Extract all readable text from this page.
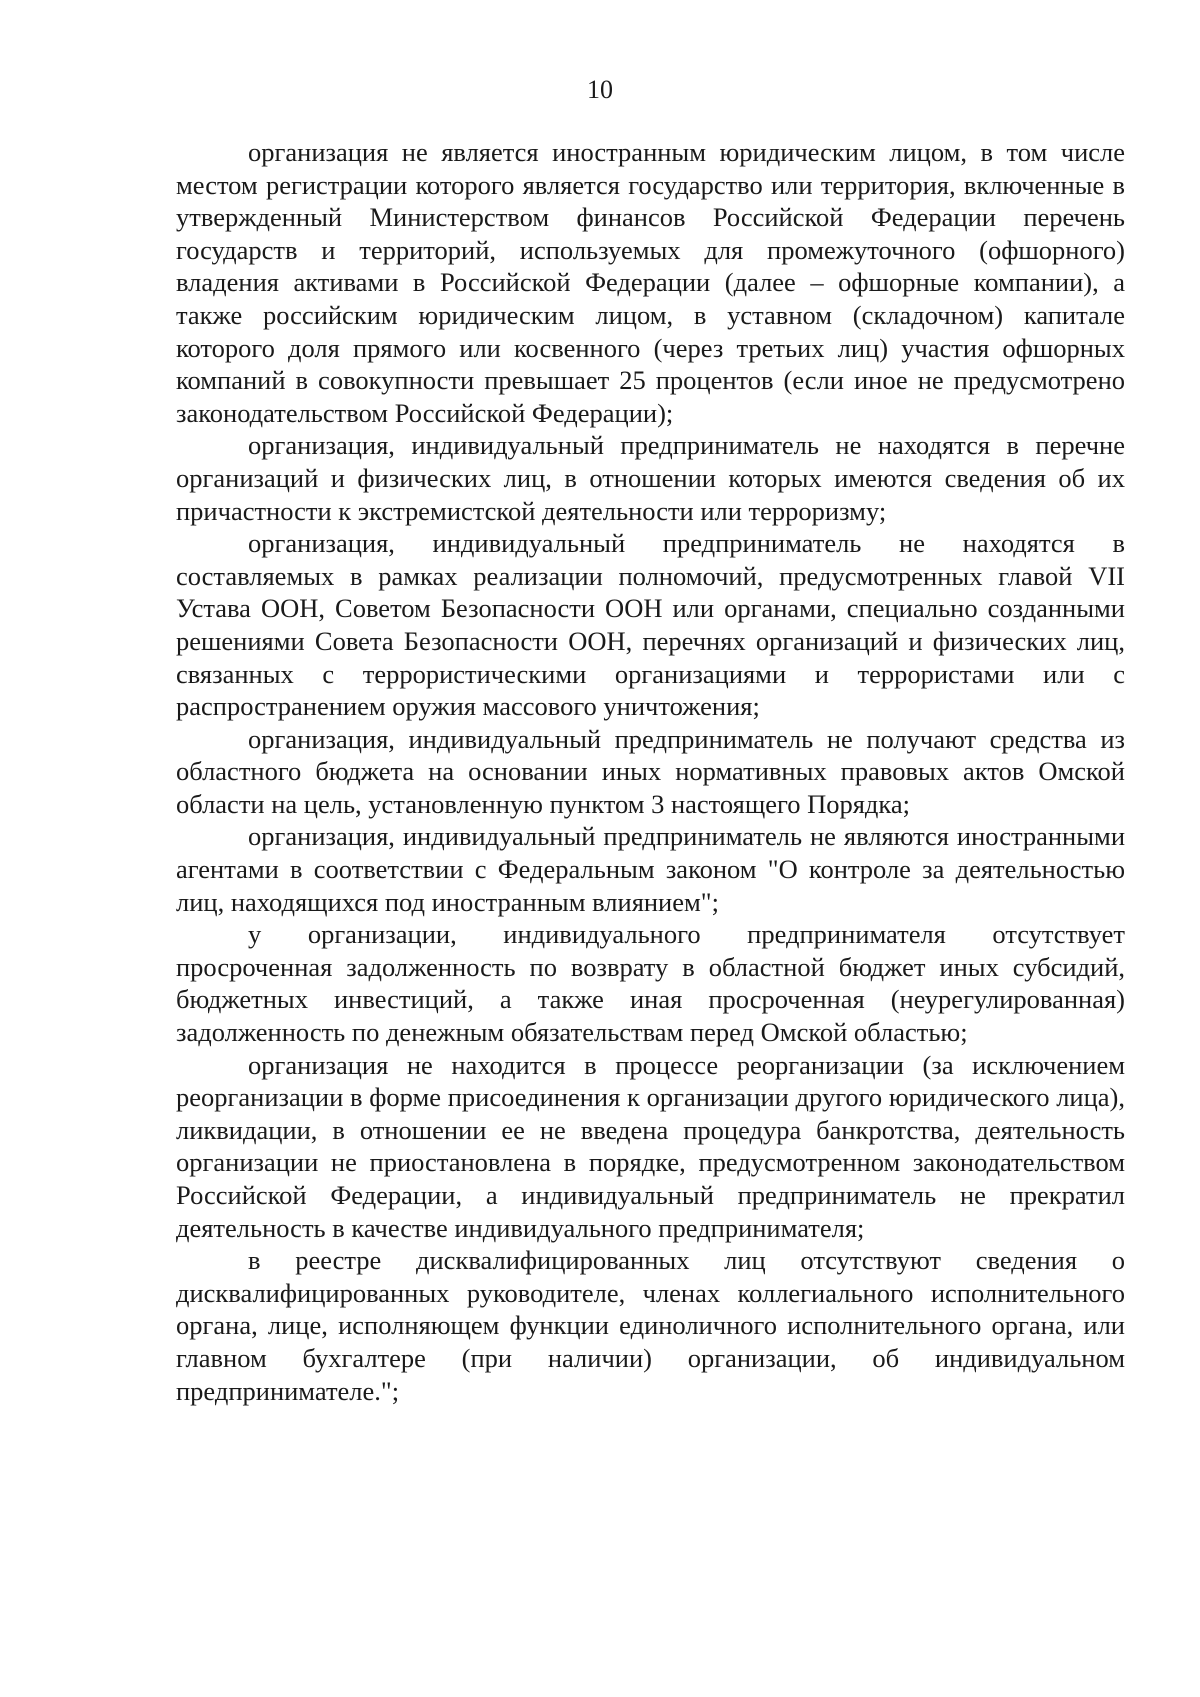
10

организация не является иностранным юридическим лицом, в том числе местом регистрации которого является государство или территория, включенные в утвержденный Министерством финансов Российской Федерации перечень государств и территорий, используемых для промежуточного (офшорного) владения активами в Российской Федерации (далее – офшорные компании), а также российским юридическим лицом, в уставном (складочном) капитале которого доля прямого или косвенного (через третьих лиц) участия офшорных компаний в совокупности превышает 25 процентов (если иное не предусмотрено законодательством Российской Федерации);

организация, индивидуальный предприниматель не находятся в перечне организаций и физических лиц, в отношении которых имеются сведения об их причастности к экстремистской деятельности или терроризму;

организация, индивидуальный предприниматель не находятся в составляемых в рамках реализации полномочий, предусмотренных главой VII Устава ООН, Советом Безопасности ООН или органами, специально созданными решениями Совета Безопасности ООН, перечнях организаций и физических лиц, связанных с террористическими организациями и террористами или с распространением оружия массового уничтожения;

организация, индивидуальный предприниматель не получают средства из областного бюджета на основании иных нормативных правовых актов Омской области на цель, установленную пунктом 3 настоящего Порядка;

организация, индивидуальный предприниматель не являются иностранными агентами в соответствии с Федеральным законом "О контроле за деятельностью лиц, находящихся под иностранным влиянием";

у организации, индивидуального предпринимателя отсутствует просроченная задолженность по возврату в областной бюджет иных субсидий, бюджетных инвестиций, а также иная просроченная (неурегулированная) задолженность по денежным обязательствам перед Омской областью;

организация не находится в процессе реорганизации (за исключением реорганизации в форме присоединения к организации другого юридического лица), ликвидации, в отношении ее не введена процедура банкротства, деятельность организации не приостановлена в порядке, предусмотренном законодательством Российской Федерации, а индивидуальный предприниматель не прекратил деятельность в качестве индивидуального предпринимателя;

в реестре дисквалифицированных лиц отсутствуют сведения о дисквалифицированных руководителе, членах коллегиального исполнительного органа, лице, исполняющем функции единоличного исполнительного органа, или главном бухгалтере (при наличии) организации, об индивидуальном предпринимателе.";
